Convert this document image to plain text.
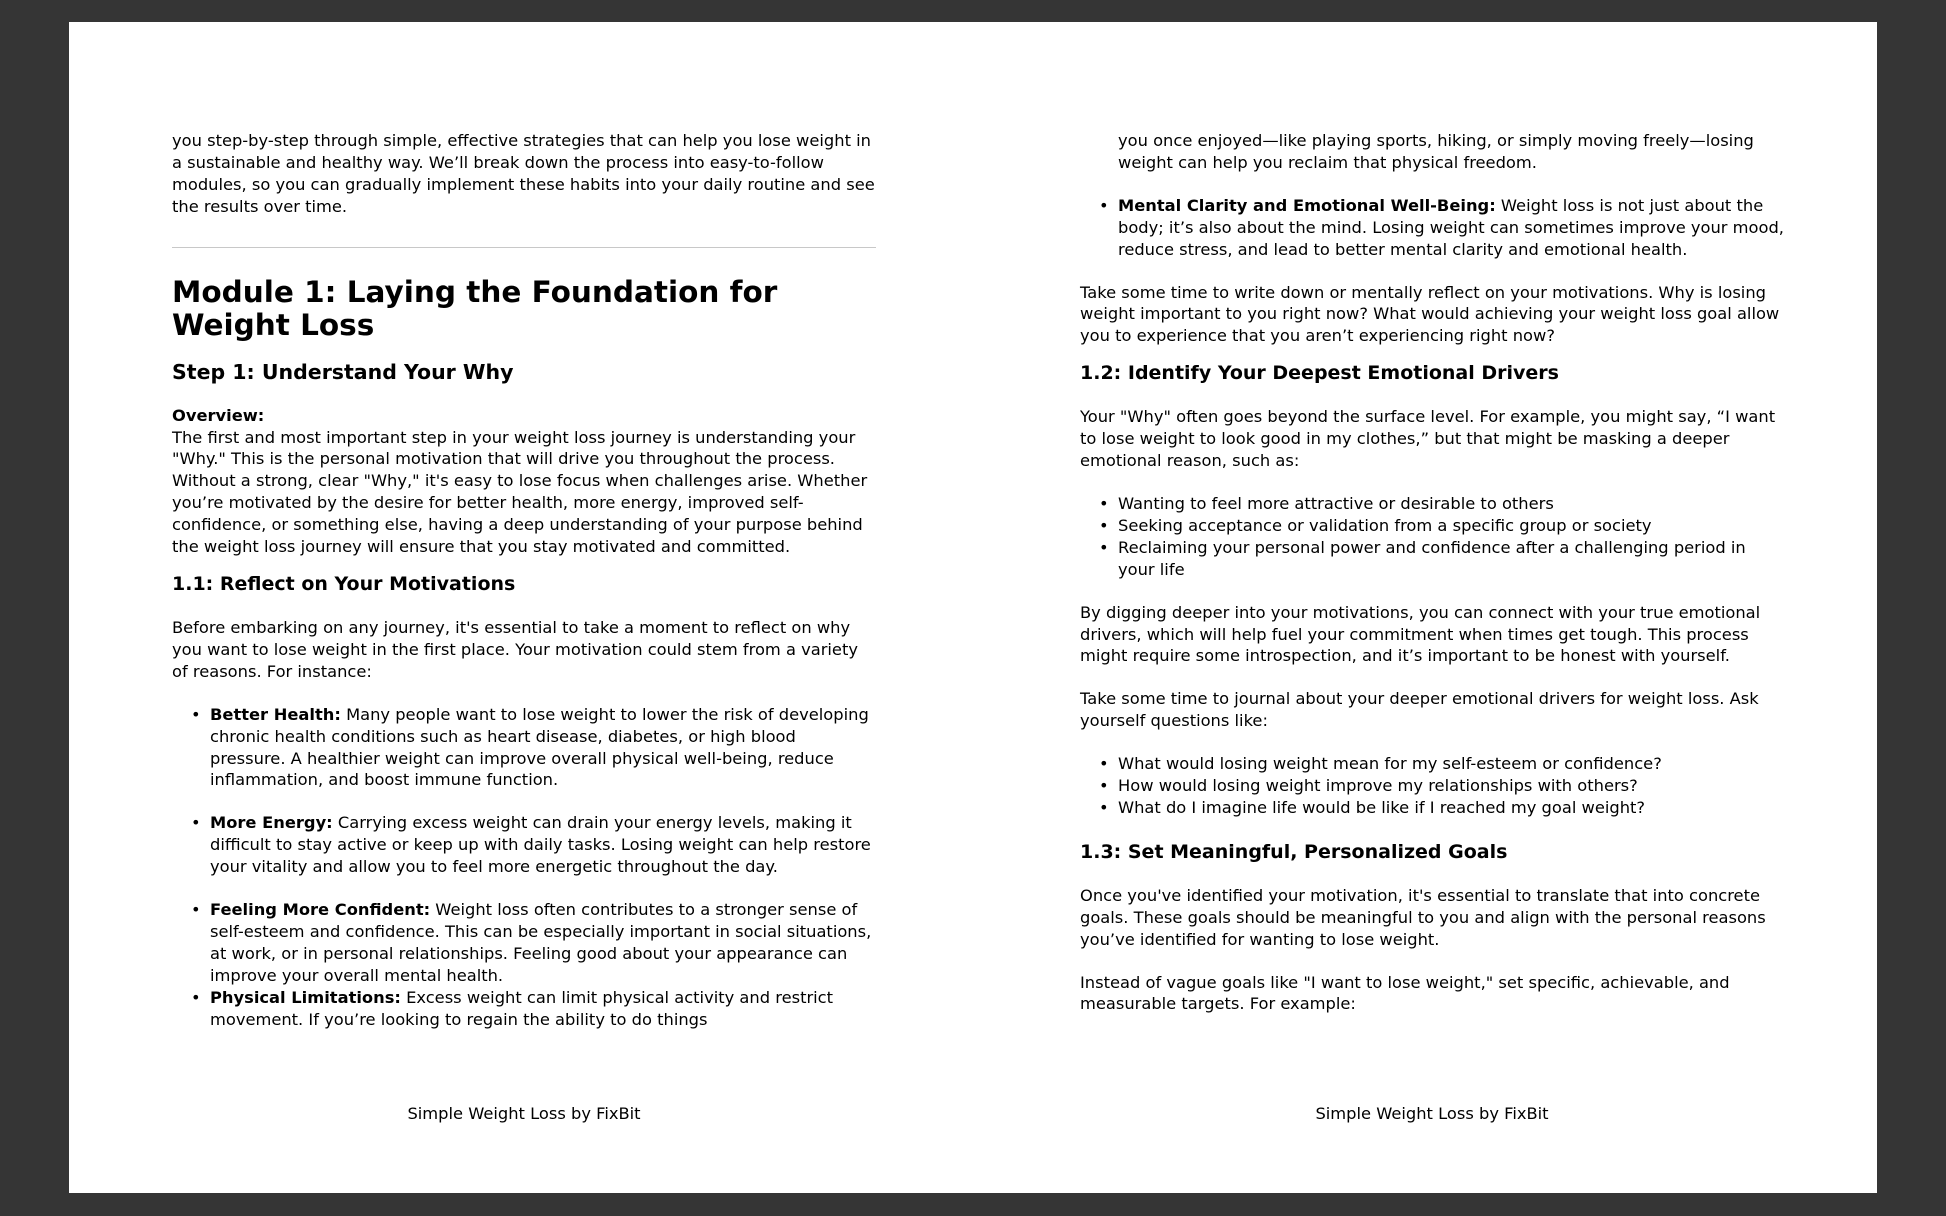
you step-by-step through simple, effective strategies that can help you lose weight in a sustainable and healthy way. We’ll break down the process into easy-to-follow modules, so you can gradually implement these habits into your daily routine and see the results over time.

Module 1: Laying the Foundation for Weight Loss
Step 1: Understand Your Why

Overview:
The first and most important step in your weight loss journey is understanding your "Why." This is the personal motivation that will drive you throughout the process. Without a strong, clear "Why," it's easy to lose focus when challenges arise. Whether you’re motivated by the desire for better health, more energy, improved self-confidence, or something else, having a deep understanding of your purpose behind the weight loss journey will ensure that you stay motivated and committed.

1.1: Reflect on Your Motivations

Before embarking on any journey, it's essential to take a moment to reflect on why you want to lose weight in the first place. Your motivation could stem from a variety of reasons. For instance:

• Better Health: Many people want to lose weight to lower the risk of developing chronic health conditions such as heart disease, diabetes, or high blood pressure. A healthier weight can improve overall physical well-being, reduce inflammation, and boost immune function.
• More Energy: Carrying excess weight can drain your energy levels, making it difficult to stay active or keep up with daily tasks. Losing weight can help restore your vitality and allow you to feel more energetic throughout the day.
• Feeling More Confident: Weight loss often contributes to a stronger sense of self-esteem and confidence. This can be especially important in social situations, at work, or in personal relationships. Feeling good about your appearance can improve your overall mental health.
• Physical Limitations: Excess weight can limit physical activity and restrict movement. If you’re looking to regain the ability to do things
Simple Weight Loss by FixBit
you once enjoyed—like playing sports, hiking, or simply moving freely—losing weight can help you reclaim that physical freedom.
• Mental Clarity and Emotional Well-Being: Weight loss is not just about the body; it’s also about the mind. Losing weight can sometimes improve your mood, reduce stress, and lead to better mental clarity and emotional health.

Take some time to write down or mentally reflect on your motivations. Why is losing weight important to you right now? What would achieving your weight loss goal allow you to experience that you aren’t experiencing right now?

1.2: Identify Your Deepest Emotional Drivers

Your "Why" often goes beyond the surface level. For example, you might say, “I want to lose weight to look good in my clothes,” but that might be masking a deeper emotional reason, such as:

• Wanting to feel more attractive or desirable to others
• Seeking acceptance or validation from a specific group or society
• Reclaiming your personal power and confidence after a challenging period in your life

By digging deeper into your motivations, you can connect with your true emotional drivers, which will help fuel your commitment when times get tough. This process might require some introspection, and it’s important to be honest with yourself.

Take some time to journal about your deeper emotional drivers for weight loss. Ask yourself questions like:

• What would losing weight mean for my self-esteem or confidence?
• How would losing weight improve my relationships with others?
• What do I imagine life would be like if I reached my goal weight?
1.3: Set Meaningful, Personalized Goals

Once you've identified your motivation, it's essential to translate that into concrete goals. These goals should be meaningful to you and align with the personal reasons you’ve identified for wanting to lose weight.

Instead of vague goals like "I want to lose weight," set specific, achievable, and measurable targets. For example:

Simple Weight Loss by FixBit
